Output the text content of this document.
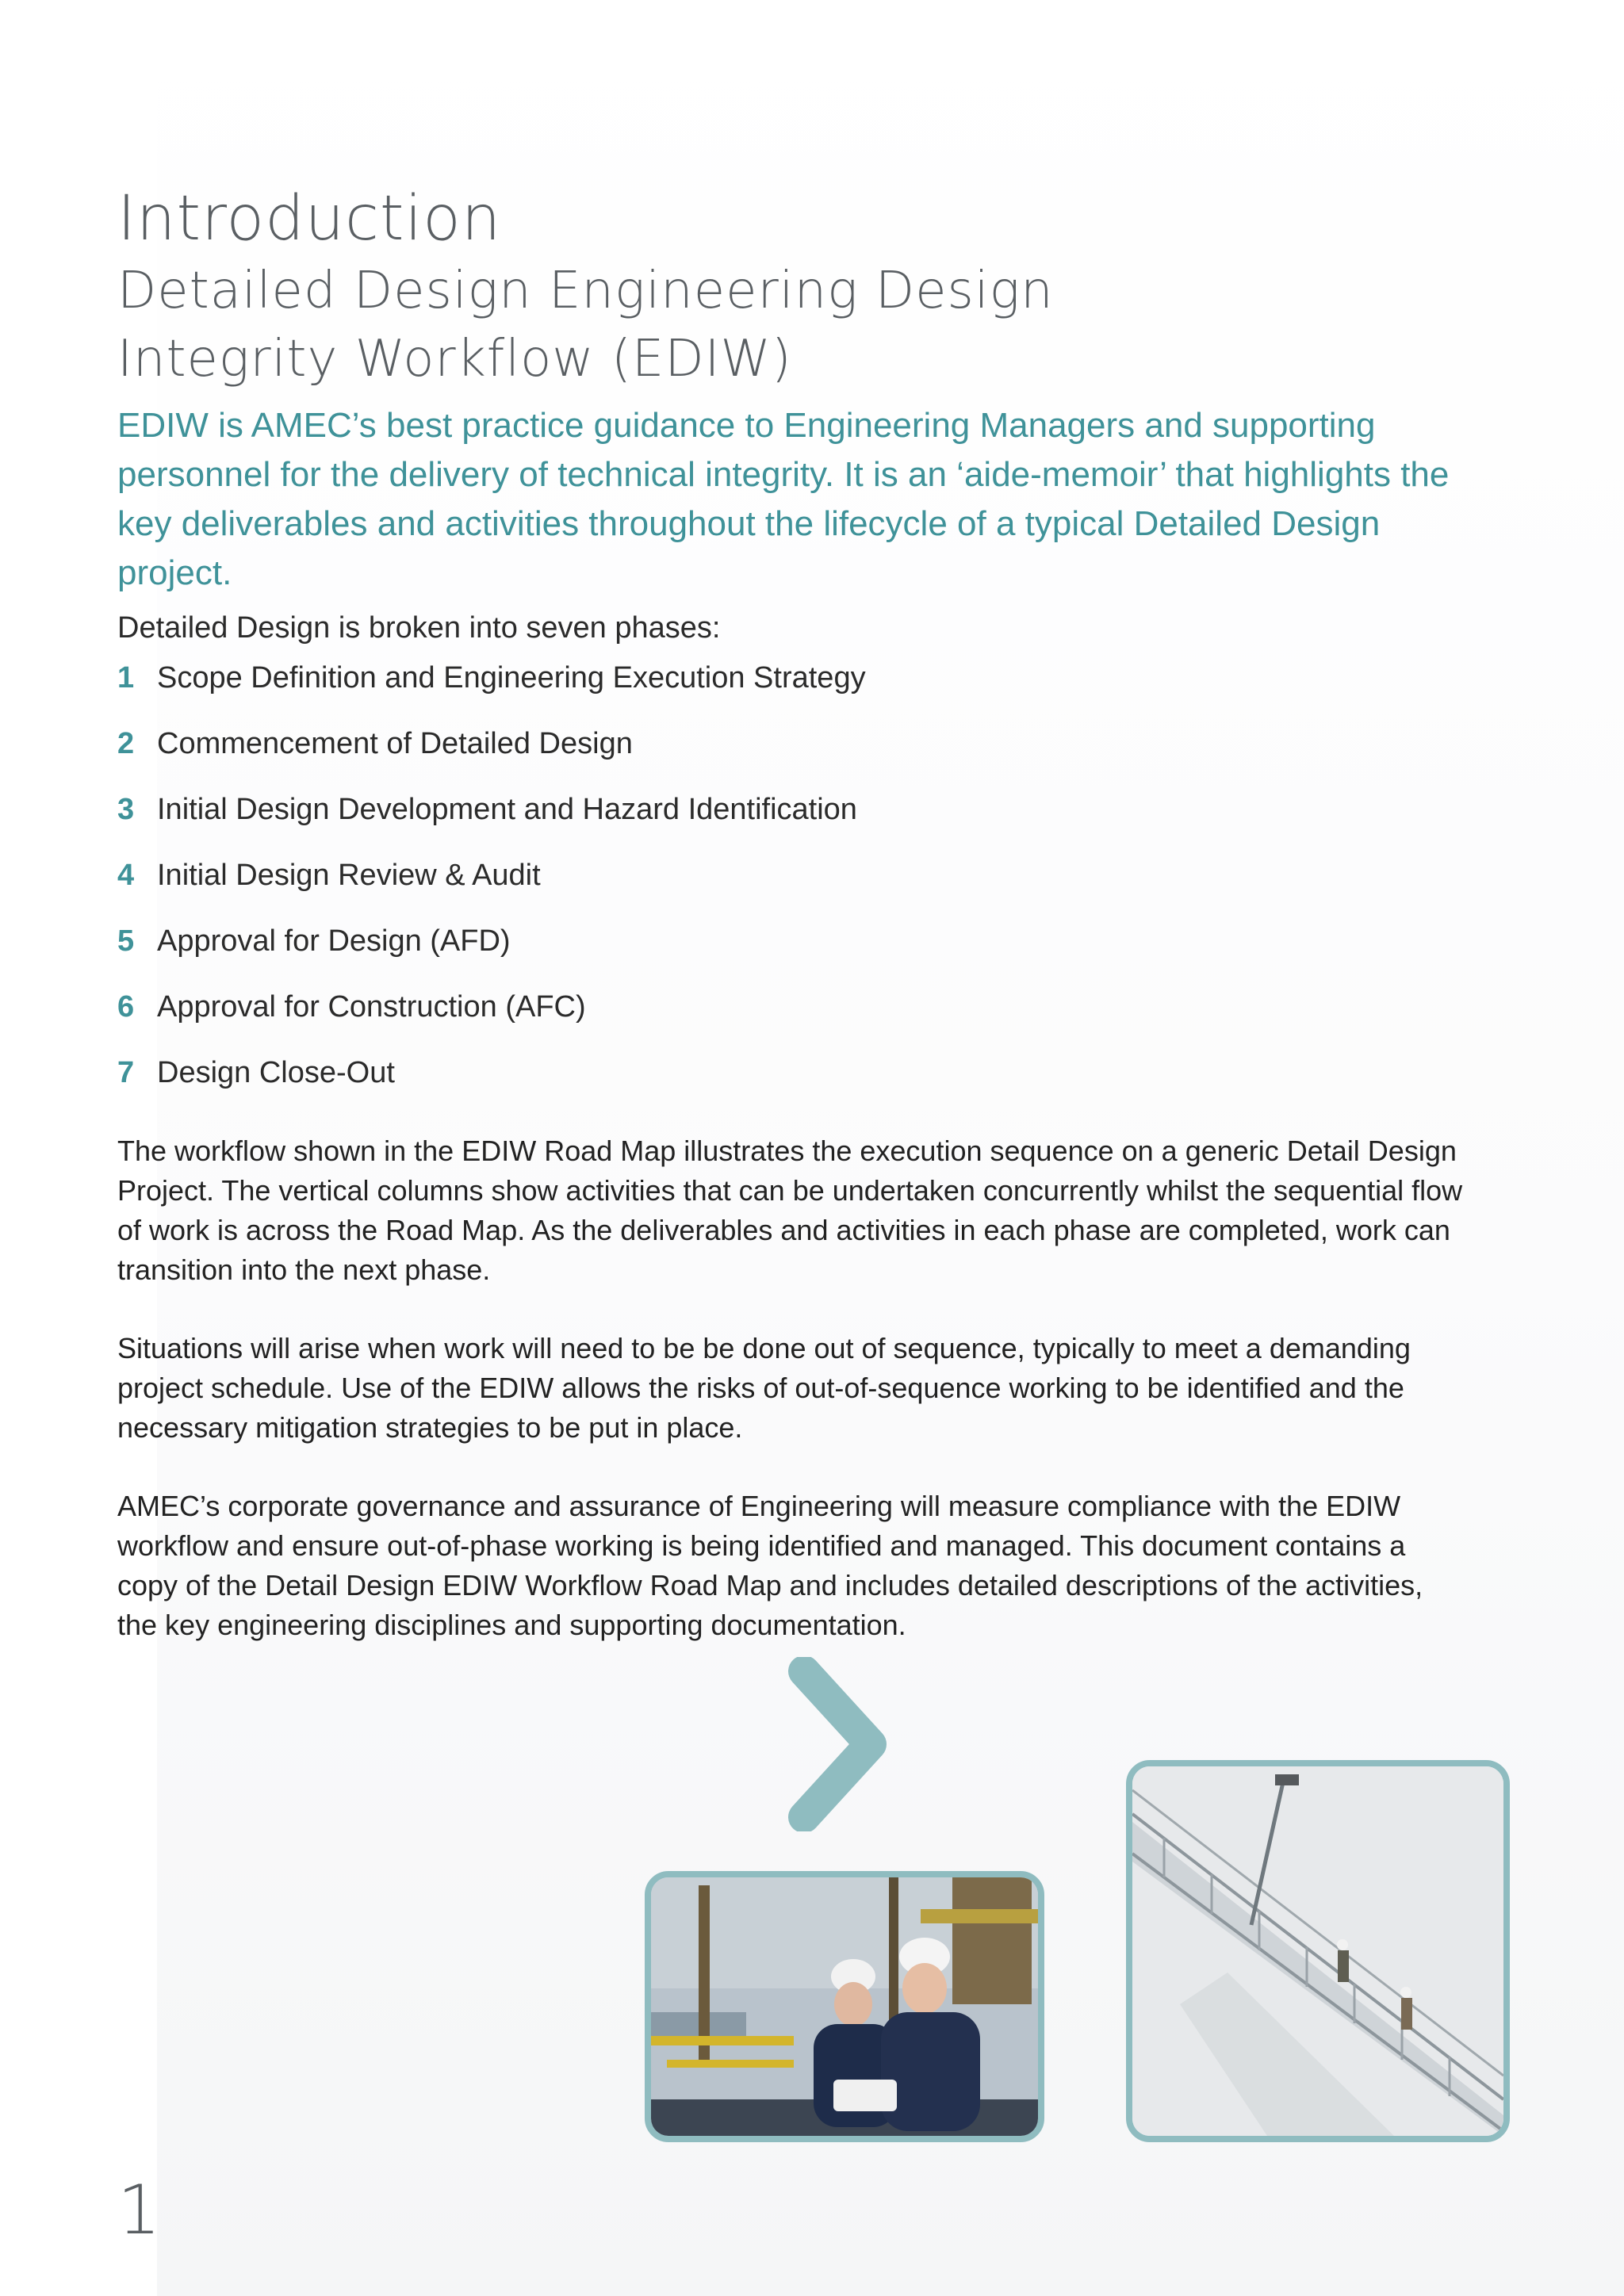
Introduction
Detailed Design Engineering Design
Integrity Workflow (EDIW)

EDIW is AMEC’s best practice guidance to Engineering Managers and supporting personnel for the delivery of technical integrity. It is an ‘aide-memoir’ that highlights the key deliverables and activities throughout the lifecycle of a typical Detailed Design project.

Detailed Design is broken into seven phases:

1 Scope Definition and Engineering Execution Strategy
2 Commencement of Detailed Design
3 Initial Design Development and Hazard Identification
4 Initial Design Review & Audit
5 Approval for Design (AFD)
6 Approval for Construction (AFC)
7 Design Close-Out

The workflow shown in the EDIW Road Map illustrates the execution sequence on a generic Detail Design Project. The vertical columns show activities that can be undertaken concurrently whilst the sequential flow of work is across the Road Map. As the deliverables and activities in each phase are completed, work can transition into the next phase.

Situations will arise when work will need to be be done out of sequence, typically to meet a demanding project schedule. Use of the EDIW allows the risks of out-of-sequence working to be identified and the necessary mitigation strategies to be put in place.

AMEC’s corporate governance and assurance of Engineering will measure compliance with the EDIW workflow and ensure out-of-phase working is being identified and managed. This document contains a copy of the Detail Design EDIW Workflow Road Map and includes detailed descriptions of the activities, the key engineering disciplines and supporting documentation.

1
